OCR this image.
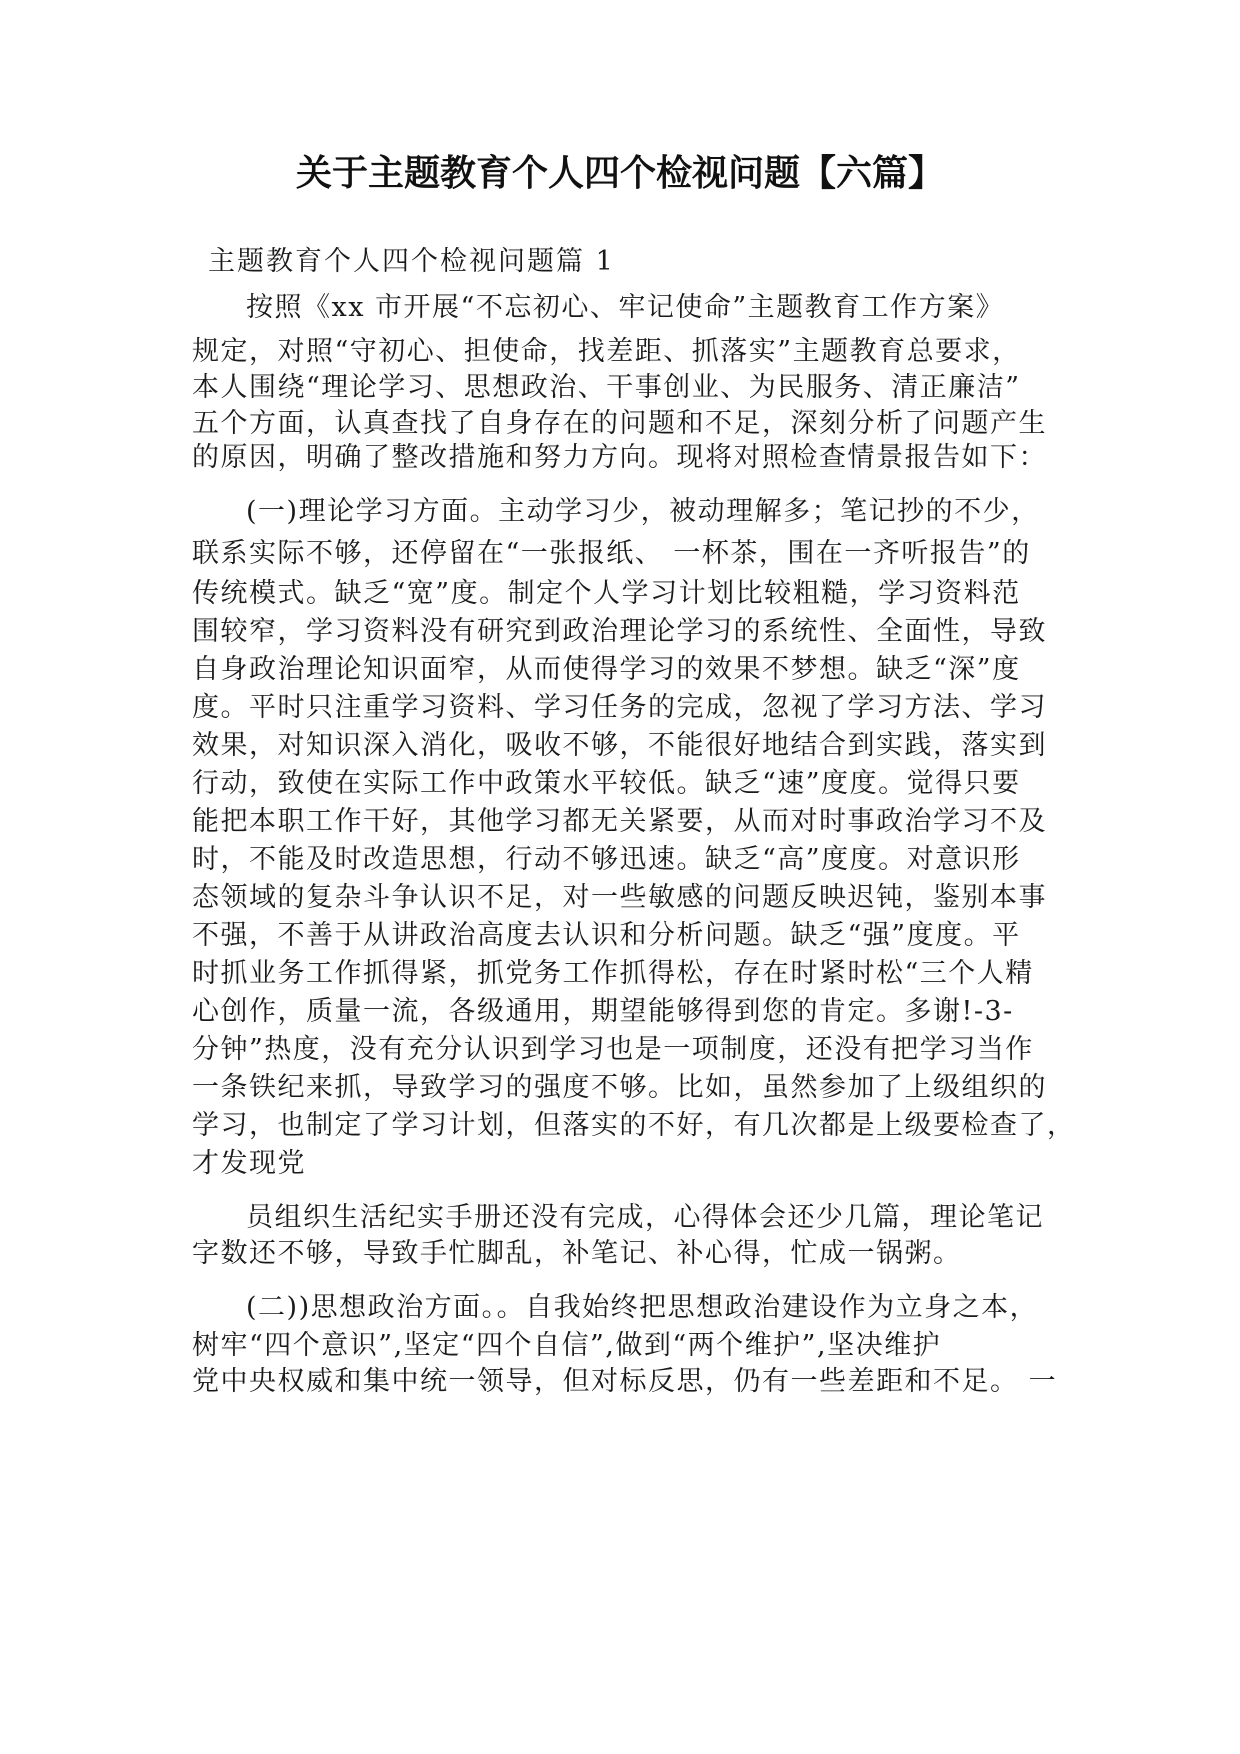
关于主题教育个人四个检视问题【六篇】
主题教育个人四个检视问题篇 1
按照《xx 市开展“不忘初心、牢记使命”主题教育工作方案》
规定，对照“守初心、担使命，找差距、抓落实”主题教育总要求，
本人围绕“理论学习、思想政治、干事创业、为民服务、清正廉洁”
五个方面，认真查找了自身存在的问题和不足，深刻分析了问题产生
的原因，明确了整改措施和努力方向。现将对照检查情景报告如下：
(一)理论学习方面。主动学习少，被动理解多；笔记抄的不少，
联系实际不够，还停留在“一张报纸、 一杯茶，围在一齐听报告”的
传统模式。缺乏“宽”度。制定个人学习计划比较粗糙，学习资料范
围较窄，学习资料没有研究到政治理论学习的系统性、全面性，导致
自身政治理论知识面窄，从而使得学习的效果不梦想。缺乏“深”度
度。平时只注重学习资料、学习任务的完成，忽视了学习方法、学习
效果，对知识深入消化，吸收不够，不能很好地结合到实践，落实到
行动，致使在实际工作中政策水平较低。缺乏“速”度度。觉得只要
能把本职工作干好，其他学习都无关紧要，从而对时事政治学习不及
时，不能及时改造思想，行动不够迅速。缺乏“高”度度。对意识形
态领域的复杂斗争认识不足，对一些敏感的问题反映迟钝，鉴别本事
不强，不善于从讲政治高度去认识和分析问题。缺乏“强”度度。平
时抓业务工作抓得紧，抓党务工作抓得松，存在时紧时松“三个人精
心创作，质量一流，各级通用，期望能够得到您的肯定。多谢!-3-
分钟”热度，没有充分认识到学习也是一项制度，还没有把学习当作
一条铁纪来抓，导致学习的强度不够。比如，虽然参加了上级组织的
学习，也制定了学习计划，但落实的不好，有几次都是上级要检查了，
才发现党
员组织生活纪实手册还没有完成，心得体会还少几篇，理论笔记
字数还不够，导致手忙脚乱，补笔记、补心得，忙成一锅粥。
(二))思想政治方面。。自我始终把思想政治建设作为立身之本，
树牢“四个意识”,坚定“四个自信”,做到“两个维护”,坚决维护
党中央权威和集中统一领导，但对标反思，仍有一些差距和不足。 一
